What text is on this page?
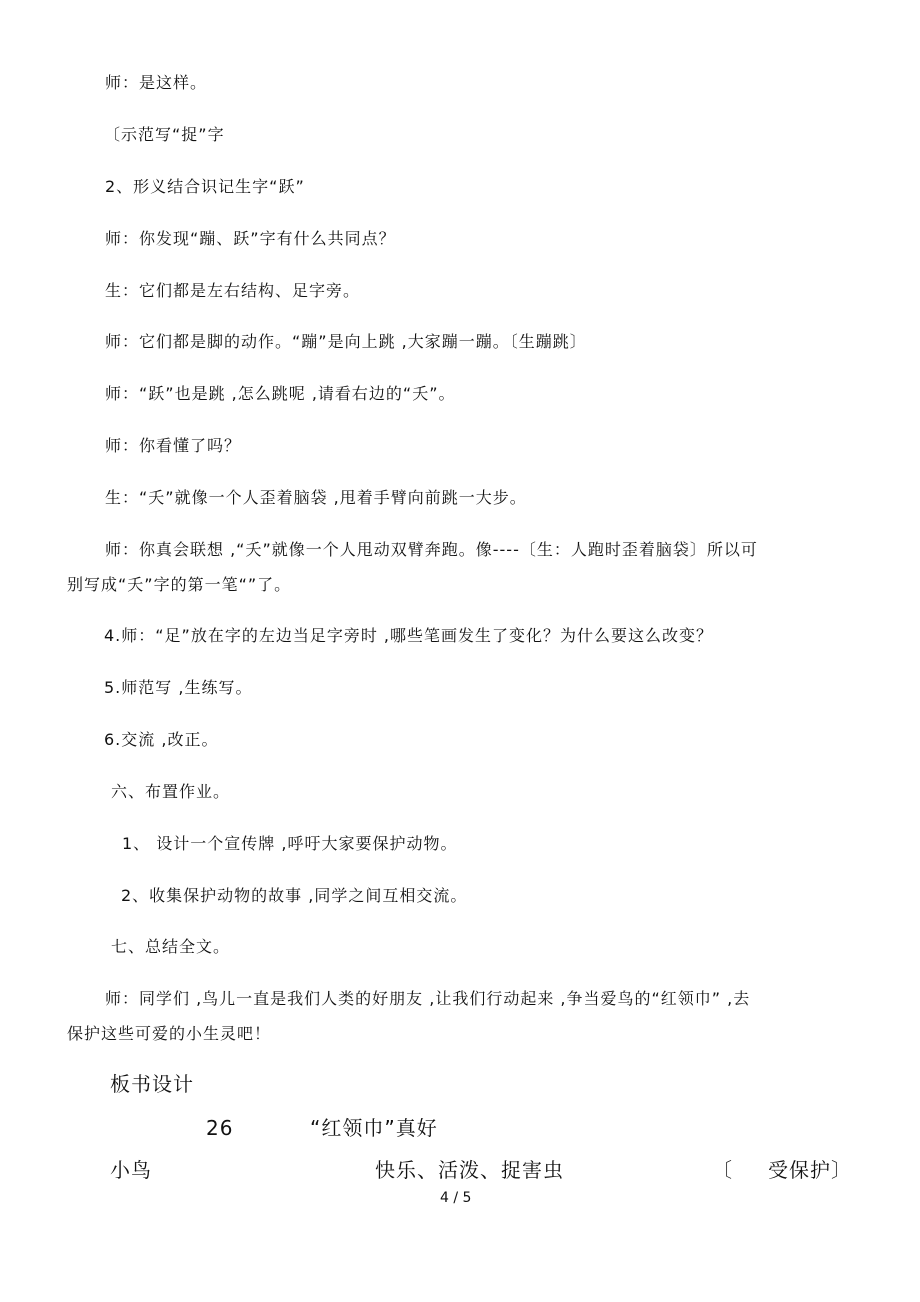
师：是这样。
〔示范写“捉”字
2、形义结合识记生字“跃”
师：你发现“蹦、跃”字有什么共同点？
生：它们都是左右结构、足字旁。
师：它们都是脚的动作。“蹦”是向上跳 ,大家蹦一蹦。〔生蹦跳〕
师：“跃”也是跳 ,怎么跳呢 ,请看右边的“夭”。
师：你看懂了吗？
生：“夭”就像一个人歪着脑袋 ,甩着手臂向前跳一大步。
师：你真会联想 ,“夭”就像一个人甩动双臂奔跑。像----〔生：人跑时歪着脑袋〕所以可
别写成“夭”字的第一笔“”了。
4.师：“足”放在字的左边当足字旁时 ,哪些笔画发生了变化？为什么要这么改变？
5.师范写 ,生练写。
6.交流 ,改正。
六、布置作业。
1、 设计一个宣传牌 ,呼吁大家要保护动物。
2、收集保护动物的故事 ,同学之间互相交流。
七、总结全文。
师：同学们 ,鸟儿一直是我们人类的好朋友 ,让我们行动起来 ,争当爱鸟的“红领巾” ,去
保护这些可爱的小生灵吧！
板书设计
26	“红领巾”真好
小鸟	快乐、活泼、捉害虫	〔 受保护〕
4 / 5
